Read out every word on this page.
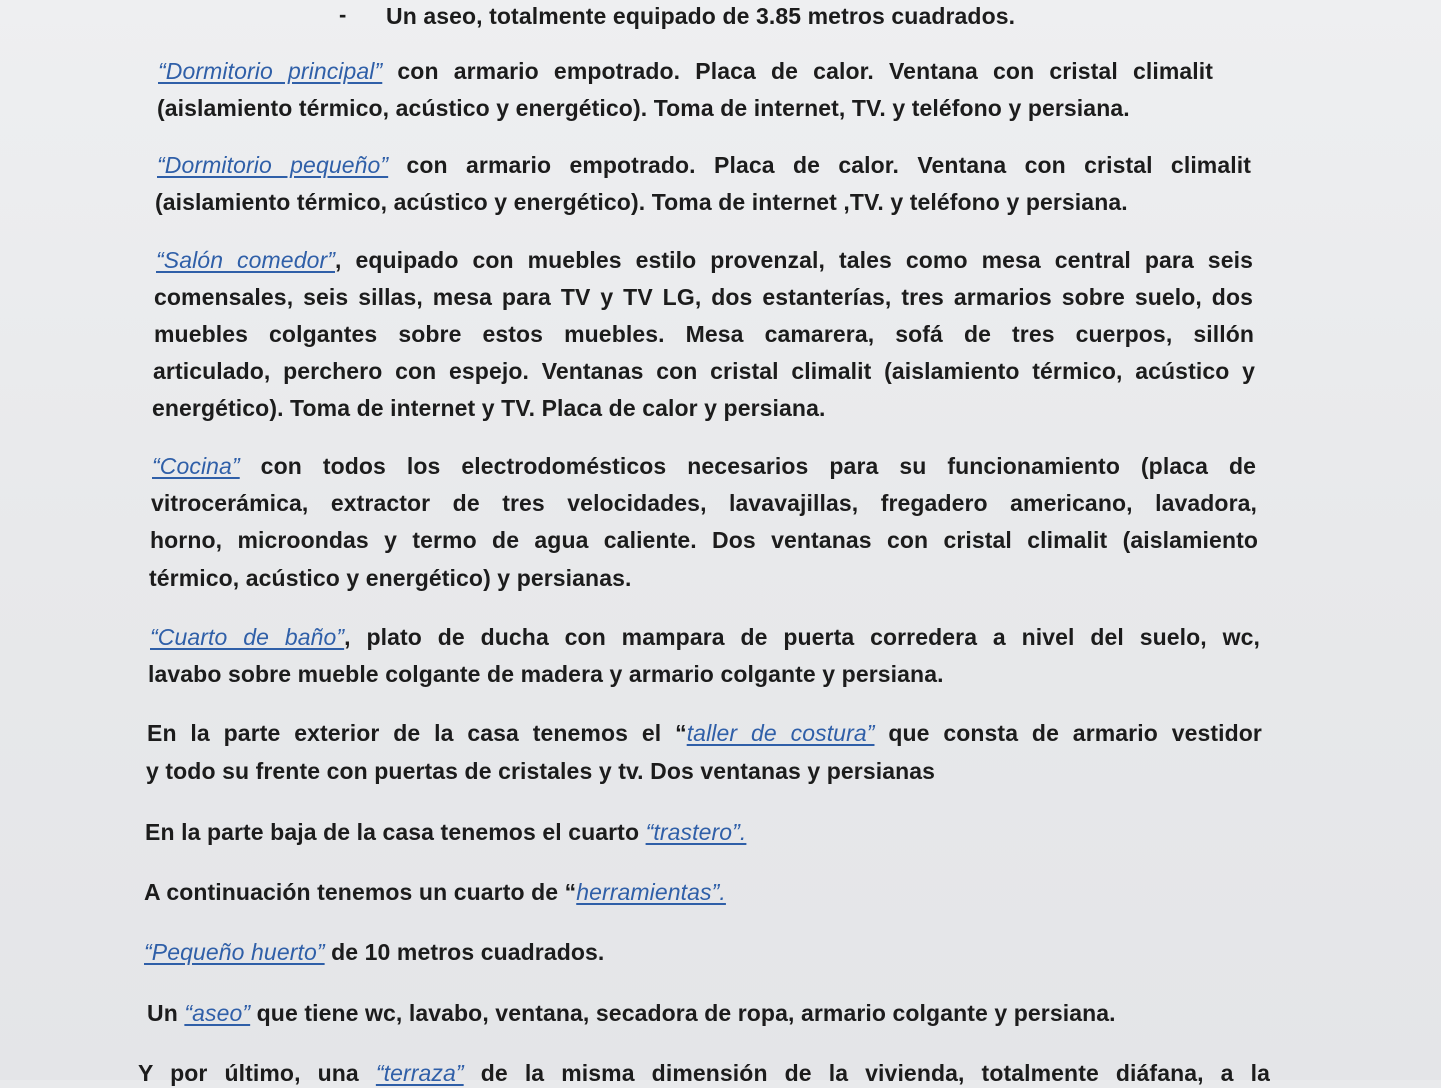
- Un aseo, totalmente equipado de 3.85 metros cuadrados.
“Dormitorio principal” con armario empotrado. Placa de calor. Ventana con cristal climalit
(aislamiento térmico, acústico y energético). Toma de internet, TV. y teléfono y persiana.
“Dormitorio pequeño” con armario empotrado. Placa de calor. Ventana con cristal climalit
(aislamiento térmico, acústico y energético). Toma de internet ,TV. y teléfono y persiana.
“Salón comedor”, equipado con muebles estilo provenzal, tales como mesa central para seis
comensales, seis sillas, mesa para TV y TV LG, dos estanterías, tres armarios sobre suelo, dos
muebles colgantes sobre estos muebles. Mesa camarera, sofá de tres cuerpos, sillón
articulado, perchero con espejo. Ventanas con cristal climalit (aislamiento térmico, acústico y
energético). Toma de internet y TV. Placa de calor y persiana.
“Cocina” con todos los electrodomésticos necesarios para su funcionamiento (placa de
vitrocerámica, extractor de tres velocidades, lavavajillas, fregadero americano, lavadora,
horno, microondas y termo de agua caliente. Dos ventanas con cristal climalit (aislamiento
térmico, acústico y energético) y persianas.
“Cuarto de baño”, plato de ducha con mampara de puerta corredera a nivel del suelo, wc,
lavabo sobre mueble colgante de madera y armario colgante y persiana.
En la parte exterior de la casa tenemos el “taller de costura” que consta de armario vestidor
y todo su frente con puertas de cristales y tv. Dos ventanas y persianas
En la parte baja de la casa tenemos el cuarto “trastero”.
A continuación tenemos un cuarto de “herramientas”.
“Pequeño huerto” de 10 metros cuadrados.
Un “aseo” que tiene wc, lavabo, ventana, secadora de ropa, armario colgante y persiana.
Y por último, una “terraza” de la misma dimensión de la vivienda, totalmente diáfana, a la
